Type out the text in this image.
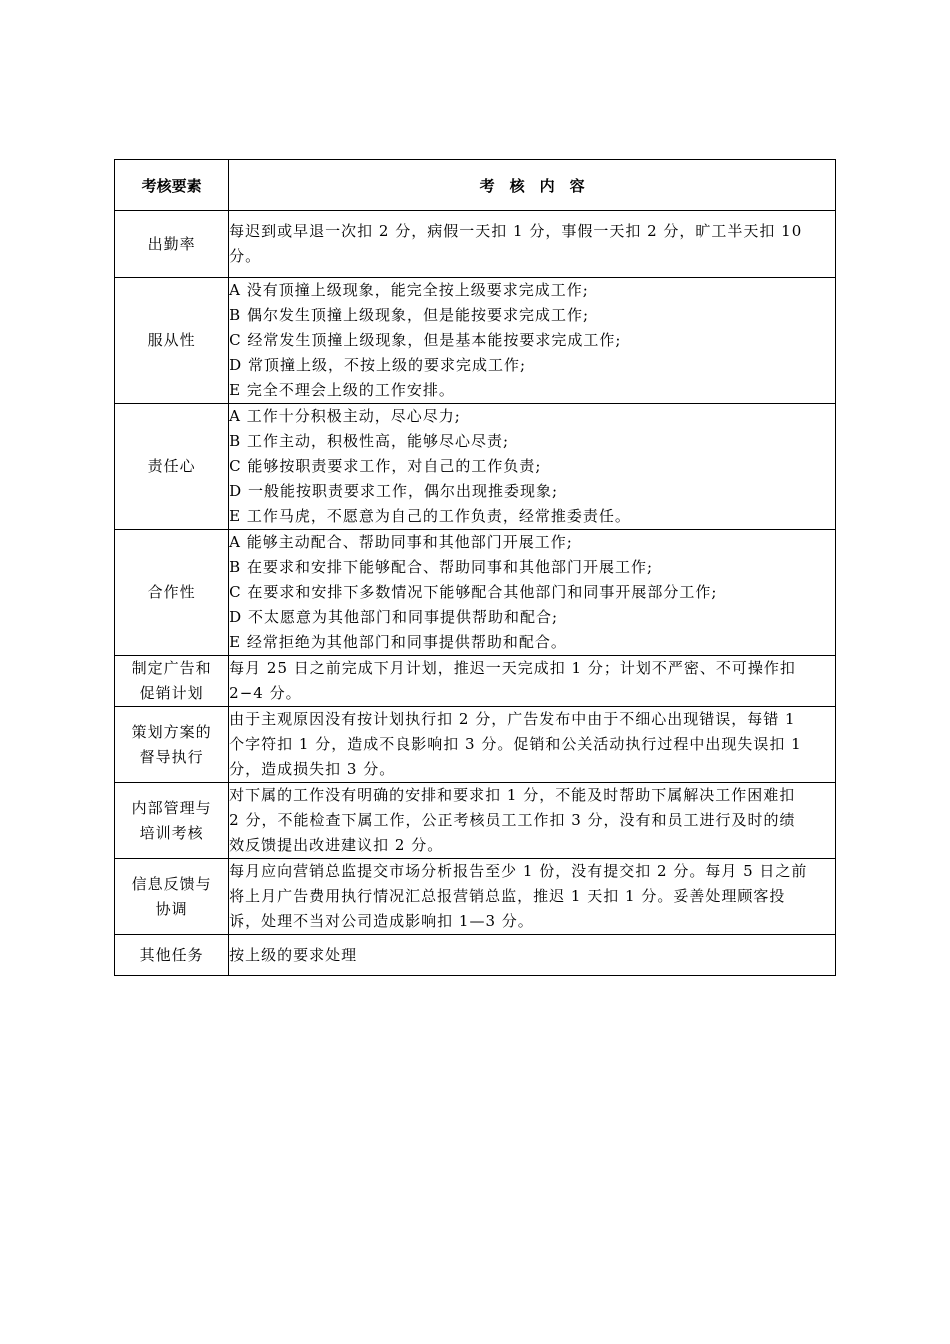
考核要素	考　核　内　容
出勤率	每迟到或早退一次扣 2 分，病假一天扣 1 分，事假一天扣 2 分，旷工半天扣 10
分。

服从性	A 没有顶撞上级现象，能完全按上级要求完成工作;
B 偶尔发生顶撞上级现象，但是能按要求完成工作;
C 经常发生顶撞上级现象，但是基本能按要求完成工作;
D 常顶撞上级，不按上级的要求完成工作;
E 完全不理会上级的工作安排。

责任心	A 工作十分积极主动，尽心尽力;
B 工作主动，积极性高，能够尽心尽责;
C 能够按职责要求工作，对自己的工作负责;
D 一般能按职责要求工作，偶尔出现推委现象;
E 工作马虎，不愿意为自己的工作负责，经常推委责任。

合作性	A 能够主动配合、帮助同事和其他部门开展工作;
B 在要求和安排下能够配合、帮助同事和其他部门开展工作;
C 在要求和安排下多数情况下能够配合其他部门和同事开展部分工作;
D 不太愿意为其他部门和同事提供帮助和配合;
E 经常拒绝为其他部门和同事提供帮助和配合。

制定广告和
促销计划	每月 25 日之前完成下月计划，推迟一天完成扣 1 分；计划不严密、不可操作扣
2−4 分。

策划方案的
督导执行	由于主观原因没有按计划执行扣 2 分，广告发布中由于不细心出现错误，每错 1
个字符扣 1 分，造成不良影响扣 3 分。促销和公关活动执行过程中出现失误扣 1
分，造成损失扣 3 分。

内部管理与
培训考核	对下属的工作没有明确的安排和要求扣 1 分，不能及时帮助下属解决工作困难扣
2 分，不能检查下属工作，公正考核员工工作扣 3 分，没有和员工进行及时的绩
效反馈提出改进建议扣 2 分。

信息反馈与
协调	每月应向营销总监提交市场分析报告至少 1 份，没有提交扣 2 分。每月 5 日之前
将上月广告费用执行情况汇总报营销总监，推迟 1 天扣 1 分。妥善处理顾客投
诉，处理不当对公司造成影响扣 1—3 分。

其他任务	按上级的要求处理
